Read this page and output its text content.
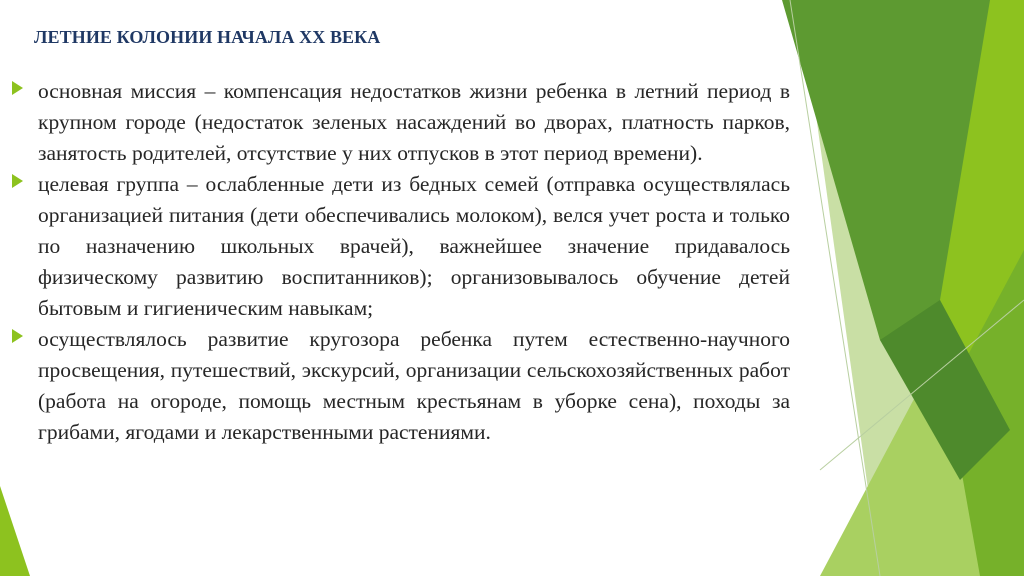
ЛЕТНИЕ КОЛОНИИ НАЧАЛА XX ВЕКА
основная миссия – компенсация недостатков жизни ребенка в летний период в крупном городе (недостаток зеленых насаждений во дворах, платность парков, занятость родителей, отсутствие у них отпусков в этот период времени).
целевая группа – ослабленные дети из бедных семей (отправка осуществлялась организацией питания (дети обеспечивались молоком), велся учет роста и только по назначению школьных врачей), важнейшее значение придавалось физическому развитию воспитанников); организовывалось обучение детей бытовым и гигиеническим навыкам;
осуществлялось развитие кругозора ребенка путем естественно-научного просвещения, путешествий, экскурсий, организации сельскохозяйственных работ (работа на огороде, помощь местным крестьянам в уборке сена), походы за грибами, ягодами и лекарственными растениями.
